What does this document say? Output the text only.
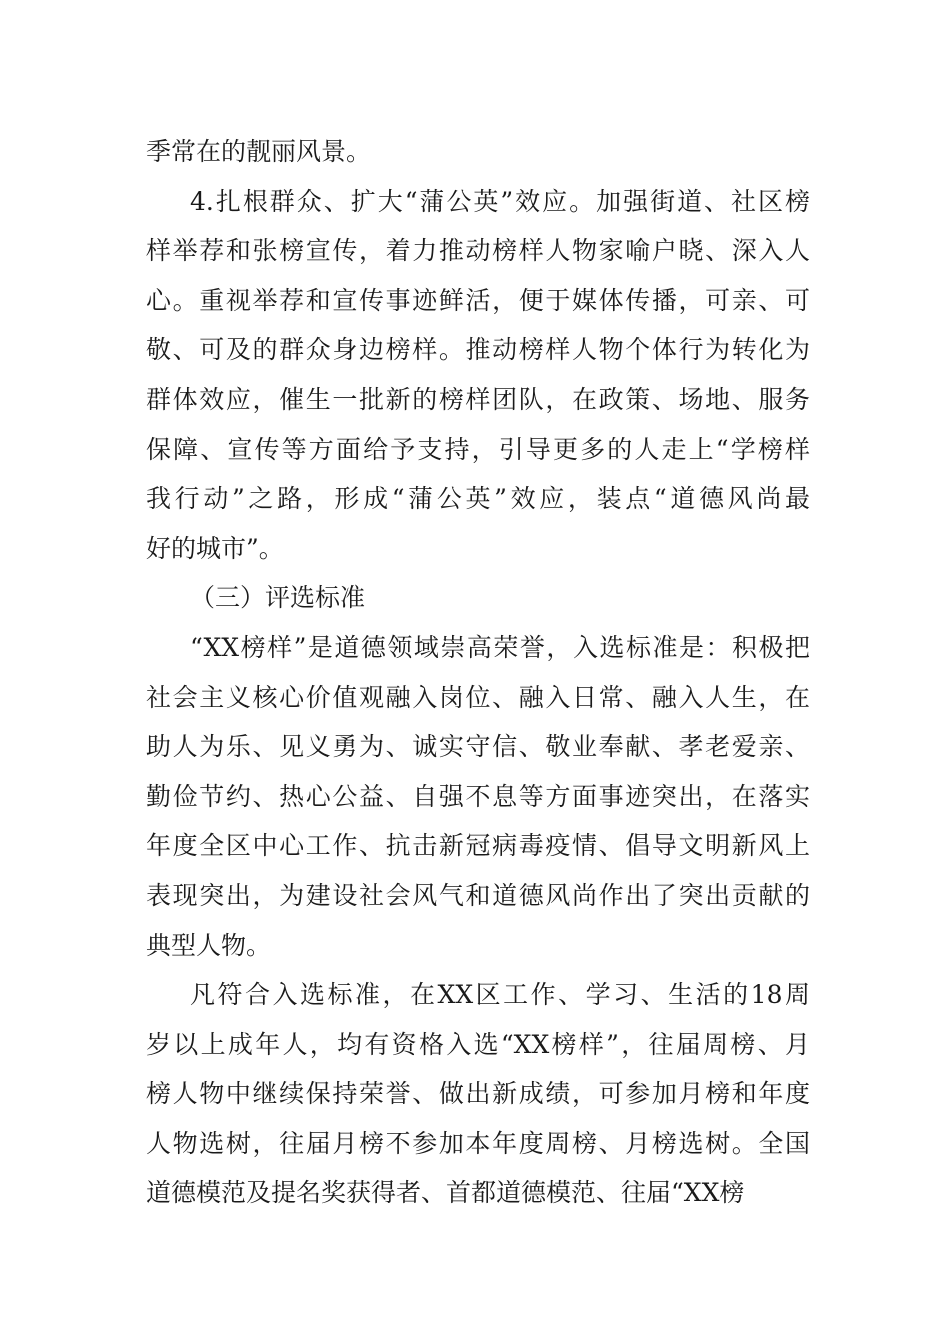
季常在的靓丽风景。
4.扎根群众、扩大“蒲公英”效应。加强街道、社区榜
样举荐和张榜宣传，着力推动榜样人物家喻户晓、深入人
心。重视举荐和宣传事迹鲜活，便于媒体传播，可亲、可
敬、可及的群众身边榜样。推动榜样人物个体行为转化为
群体效应，催生一批新的榜样团队，在政策、场地、服务
保障、宣传等方面给予支持，引导更多的人走上“学榜样
我行动”之路，形成“蒲公英”效应，装点“道德风尚最
好的城市”。
（三）评选标准
“XX榜样”是道德领域崇高荣誉，入选标准是：积极把
社会主义核心价值观融入岗位、融入日常、融入人生，在
助人为乐、见义勇为、诚实守信、敬业奉献、孝老爱亲、
勤俭节约、热心公益、自强不息等方面事迹突出，在落实
年度全区中心工作、抗击新冠病毒疫情、倡导文明新风上
表现突出，为建设社会风气和道德风尚作出了突出贡献的
典型人物。
凡符合入选标准，在XX区工作、学习、生活的18周
岁以上成年人，均有资格入选“XX榜样”，往届周榜、月
榜人物中继续保持荣誉、做出新成绩，可参加月榜和年度
人物选树，往届月榜不参加本年度周榜、月榜选树。全国
道德模范及提名奖获得者、首都道德模范、往届“XX榜
